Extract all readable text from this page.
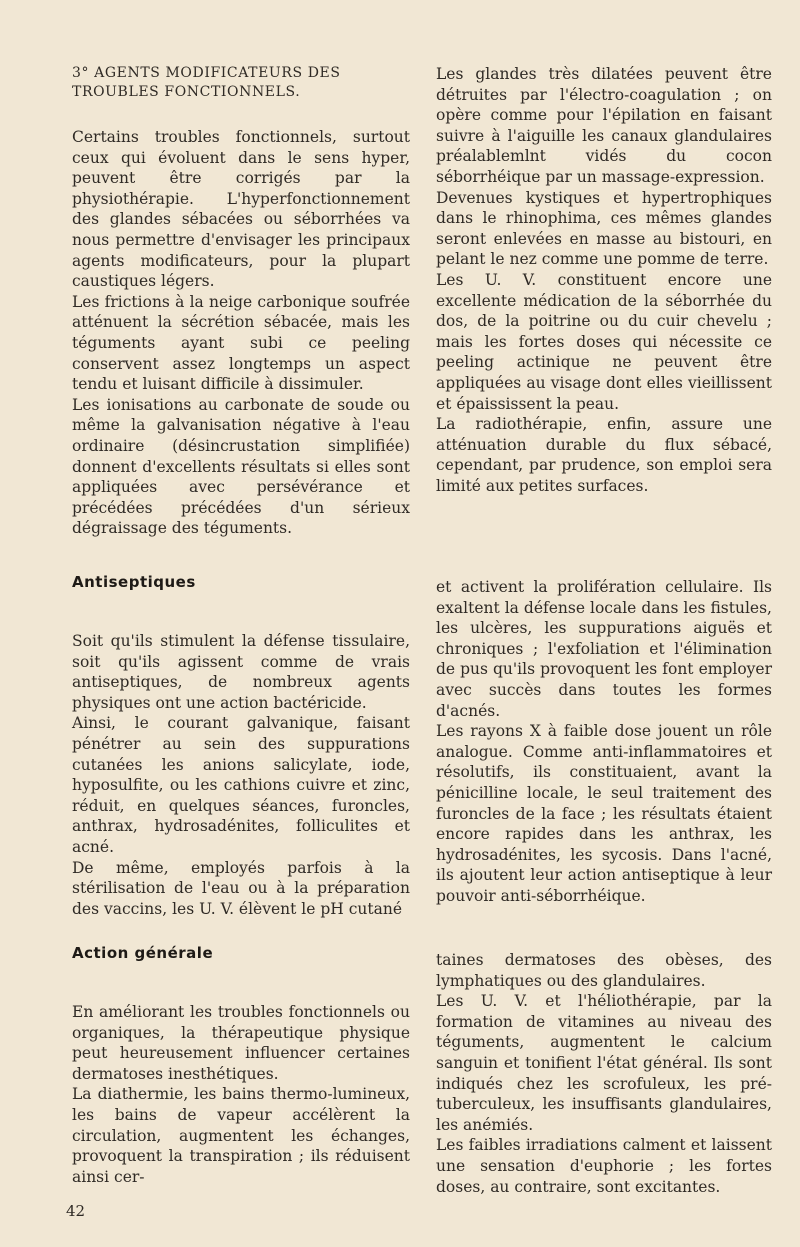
3° AGENTS MODIFICATEURS DES TROUBLES FONCTIONNELS.

Certains troubles fonctionnels, surtout ceux qui évoluent dans le sens hyper, peuvent être corrigés par la physiothérapie. L'hyperfonctionnement des glandes sébacées ou séborrhées va nous permettre d'envisager les principaux agents modificateurs, pour la plupart caustiques légers.

Les frictions à la neige carbonique soufrée atténuent la sécrétion sébacée, mais les téguments ayant subi ce peeling conservent assez longtemps un aspect tendu et luisant difficile à dissimuler.

Les ionisations au carbonate de soude ou même la galvanisation négative à l'eau ordinaire (désincrustation simplifiée) donnent d'excellents résultats si elles sont appliquées avec persévérance et précédées précédées d'un sérieux dégraissage des téguments.

Les glandes très dilatées peuvent être détruites par l'électro-coagulation ; on opère comme pour l'épilation en faisant suivre à l'aiguille les canaux glandulaires préalablemlnt vidés du cocon séborrhéique par un massage-expression.

Devenues kystiques et hypertrophiques dans le rhinophima, ces mêmes glandes seront enlevées en masse au bistouri, en pelant le nez comme une pomme de terre.

Les U. V. constituent encore une excellente médication de la séborrhée du dos, de la poitrine ou du cuir chevelu ; mais les fortes doses qui nécessite ce peeling actinique ne peuvent être appliquées au visage dont elles vieillissent et épaississent la peau.

La radiothérapie, enfin, assure une atténuation durable du flux sébacé, cependant, par prudence, son emploi sera limité aux petites surfaces.

Antiseptiques

Soit qu'ils stimulent la défense tissulaire, soit qu'ils agissent comme de vrais antiseptiques, de nombreux agents physiques ont une action bactéricide.

Ainsi, le courant galvanique, faisant pénétrer au sein des suppurations cutanées les anions salicylate, iode, hyposulfite, ou les cathions cuivre et zinc, réduit, en quelques séances, furoncles, anthrax, hydrosadénites, folliculites et acné.

De même, employés parfois à la stérilisation de l'eau ou à la préparation des vaccins, les U. V. élèvent le pH cutané

et activent la prolifération cellulaire. Ils exaltent la défense locale dans les fistules, les ulcères, les suppurations aiguës et chroniques ; l'exfoliation et l'élimination de pus qu'ils provoquent les font employer avec succès dans toutes les formes d'acnés.

Les rayons X à faible dose jouent un rôle analogue. Comme anti-inflammatoires et résolutifs, ils constituaient, avant la pénicilline locale, le seul traitement des furoncles de la face ; les résultats étaient encore rapides dans les anthrax, les hydrosadénites, les sycosis. Dans l'acné, ils ajoutent leur action antiseptique à leur pouvoir anti-séborrhéique.

Action générale

En améliorant les troubles fonctionnels ou organiques, la thérapeutique physique peut heureusement influencer certaines dermatoses inesthétiques.

La diathermie, les bains thermo-lumineux, les bains de vapeur accélèrent la circulation, augmentent les échanges, provoquent la transpiration ; ils réduisent ainsi cer-

taines dermatoses des obèses, des lymphatiques ou des glandulaires.

Les U. V. et l'héliothérapie, par la formation de vitamines au niveau des téguments, augmentent le calcium sanguin et tonifient l'état général. Ils sont indiqués chez les scrofuleux, les pré-tuberculeux, les insuffisants glandulaires, les anémiés.

Les faibles irradiations calment et laissent une sensation d'euphorie ; les fortes doses, au contraire, sont excitantes.

42
